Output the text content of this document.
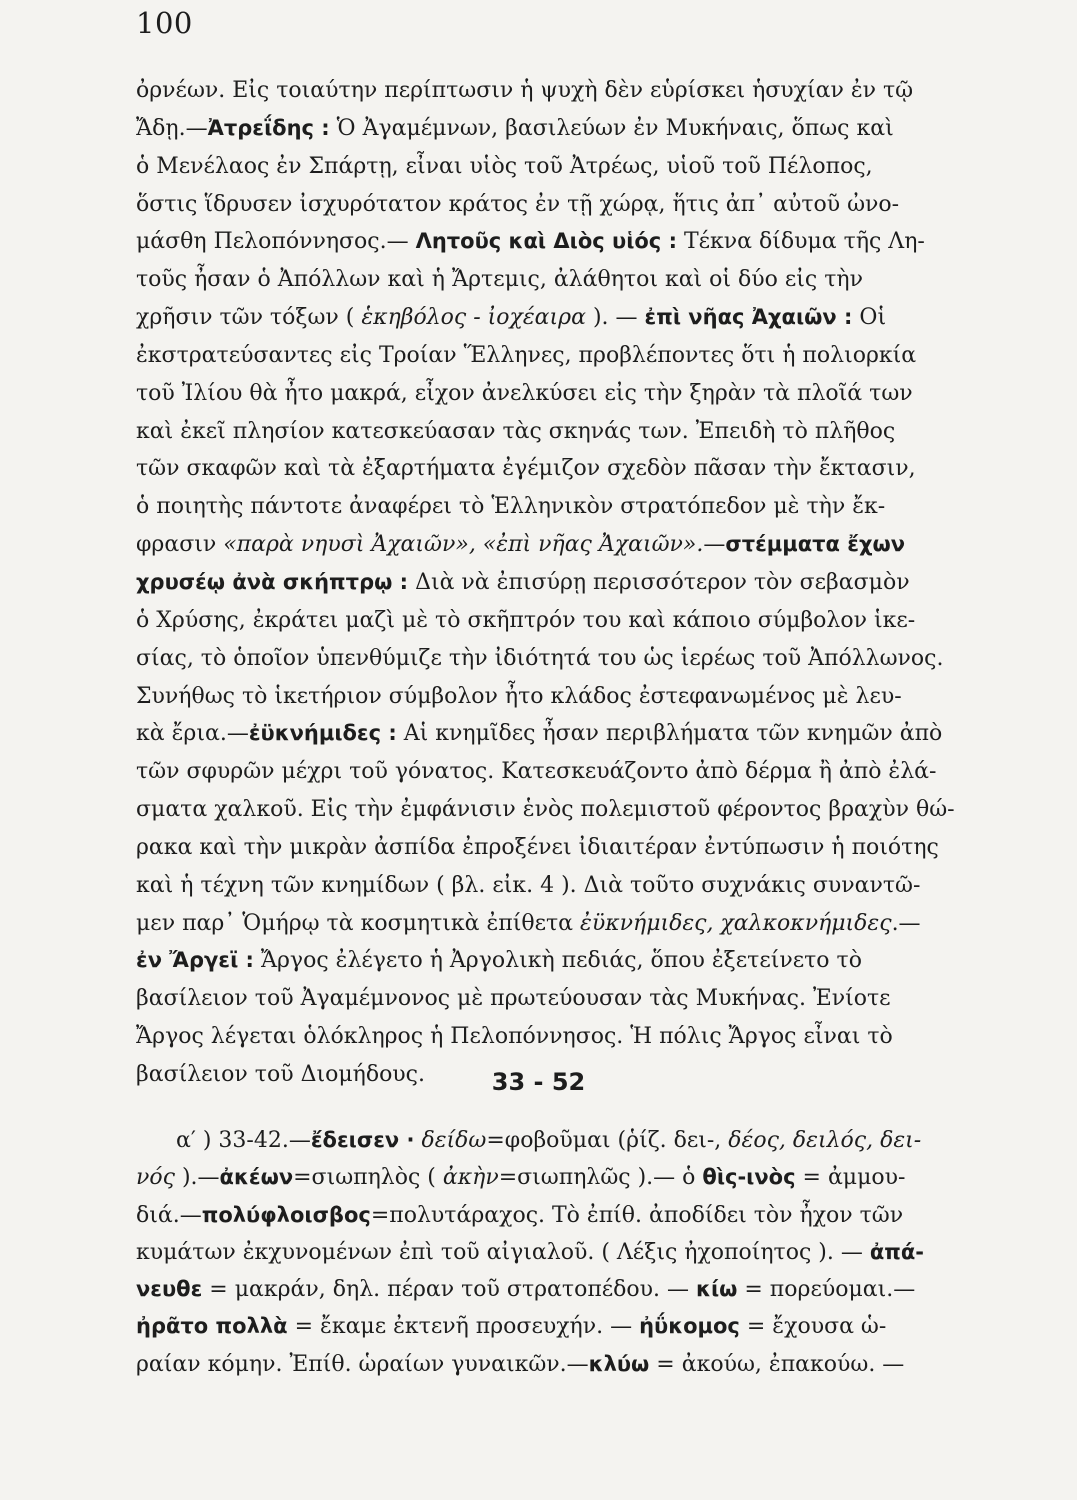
100
ὀρνέων. Εἰς τοιαύτην περίπτωσιν ἡ ψυχὴ δὲν εὑρίσκει ἡσυχίαν ἐν τῷ
Ἄδῃ.—Ἀτρεΐδης : Ὁ Ἀγαμέμνων, βασιλεύων ἐν Μυκήναις, ὅπως καὶ
ὁ Μενέλαος ἐν Σπάρτῃ, εἶναι υἱὸς τοῦ Ἀτρέως, υἱοῦ τοῦ Πέλοπος,
ὅστις ἵδρυσεν ἰσχυρότατον κράτος ἐν τῇ χώρᾳ, ἥτις ἀπ᾽ αὐτοῦ ὠνο-
μάσθη Πελοπόννησος.— Λητοῦς καὶ Διὸς υἱός : Τέκνα δίδυμα τῆς Λη-
τοῦς ἦσαν ὁ Ἀπόλλων καὶ ἡ Ἄρτεμις, ἀλάθητοι καὶ οἱ δύο εἰς τὴν
χρῆσιν τῶν τόξων ( ἑκηβόλος - ἰοχέαιρα ). — ἐπὶ νῆας Ἀχαιῶν : Οἱ
ἐκστρατεύσαντες εἰς Τροίαν Ἕλληνες, προβλέποντες ὅτι ἡ πολιορκία
τοῦ Ἰλίου θὰ ἦτο μακρά, εἶχον ἀνελκύσει εἰς τὴν ξηρὰν τὰ πλοῖά των
καὶ ἐκεῖ πλησίον κατεσκεύασαν τὰς σκηνάς των. Ἐπειδὴ τὸ πλῆθος
τῶν σκαφῶν καὶ τὰ ἐξαρτήματα ἐγέμιζον σχεδὸν πᾶσαν τὴν ἔκτασιν,
ὁ ποιητὴς πάντοτε ἀναφέρει τὸ Ἑλληνικὸν στρατόπεδον μὲ τὴν ἔκ-
φρασιν «παρὰ νηυσὶ Ἀχαιῶν», «ἐπὶ νῆας Ἀχαιῶν».—στέμματα ἔχων
χρυσέῳ ἀνὰ σκήπτρῳ : Διὰ νὰ ἐπισύρῃ περισσότερον τὸν σεβασμὸν
ὁ Χρύσης, ἐκράτει μαζὶ μὲ τὸ σκῆπτρόν του καὶ κάποιο σύμβολον ἱκε-
σίας, τὸ ὁποῖον ὑπενθύμιζε τὴν ἰδιότητά του ὡς ἱερέως τοῦ Ἀπόλλωνος.
Συνήθως τὸ ἱκετήριον σύμβολον ἦτο κλάδος ἐστεφανωμένος μὲ λευ-
κὰ ἔρια.—ἐϋκνήμιδες : Αἱ κνημῖδες ἦσαν περιβλήματα τῶν κνημῶν ἀπὸ
τῶν σφυρῶν μέχρι τοῦ γόνατος. Κατεσκευάζοντο ἀπὸ δέρμα ἢ ἀπὸ ἐλά-
σματα χαλκοῦ. Εἰς τὴν ἐμφάνισιν ἑνὸς πολεμιστοῦ φέροντος βραχὺν θώ-
ρακα καὶ τὴν μικρὰν ἀσπίδα ἐπροξένει ἰδιαιτέραν ἐντύπωσιν ἡ ποιότης
καὶ ἡ τέχνη τῶν κνημίδων ( βλ. εἰκ. 4 ). Διὰ τοῦτο συχνάκις συναντῶ-
μεν παρ᾽ Ὁμήρῳ τὰ κοσμητικὰ ἐπίθετα ἐϋκνήμιδες, χαλκοκνήμιδες.—
ἐν Ἄργεϊ : Ἄργος ἐλέγετο ἡ Ἀργολικὴ πεδιάς, ὅπου ἐξετείνετο τὸ
βασίλειον τοῦ Ἀγαμέμνονος μὲ πρωτεύουσαν τὰς Μυκήνας. Ἐνίοτε
Ἄργος λέγεται ὁλόκληρος ἡ Πελοπόννησος. Ἡ πόλις Ἄργος εἶναι τὸ
βασίλειον τοῦ Διομήδους.	33 - 52
α′ ) 33-42.—ἔδεισεν · δείδω=φοβοῦμαι (ῥίζ. δει-, δέος, δειλός, δει-
νός ).—ἀκέων=σιωπηλὸς ( ἀκὴν=σιωπηλῶς ).— ὁ θὶς-ινὸς = ἀμμου-
διά.—πολύφλοισβος=πολυτάραχος. Τὸ ἐπίθ. ἀποδίδει τὸν ἦχον τῶν
κυμάτων ἐκχυνομένων ἐπὶ τοῦ αἰγιαλοῦ. ( Λέξις ἠχοποίητος ). — ἀπά-
νευθε = μακράν, δηλ. πέραν τοῦ στρατοπέδου. — κίω = πορεύομαι.—
ἠρᾶτο πολλὰ = ἔκαμε ἐκτενῆ προσευχήν. — ἠΰκομος = ἔχουσα ὡ-
ραίαν κόμην. Ἐπίθ. ὡραίων γυναικῶν.—κλύω = ἀκούω, ἐπακούω. —
